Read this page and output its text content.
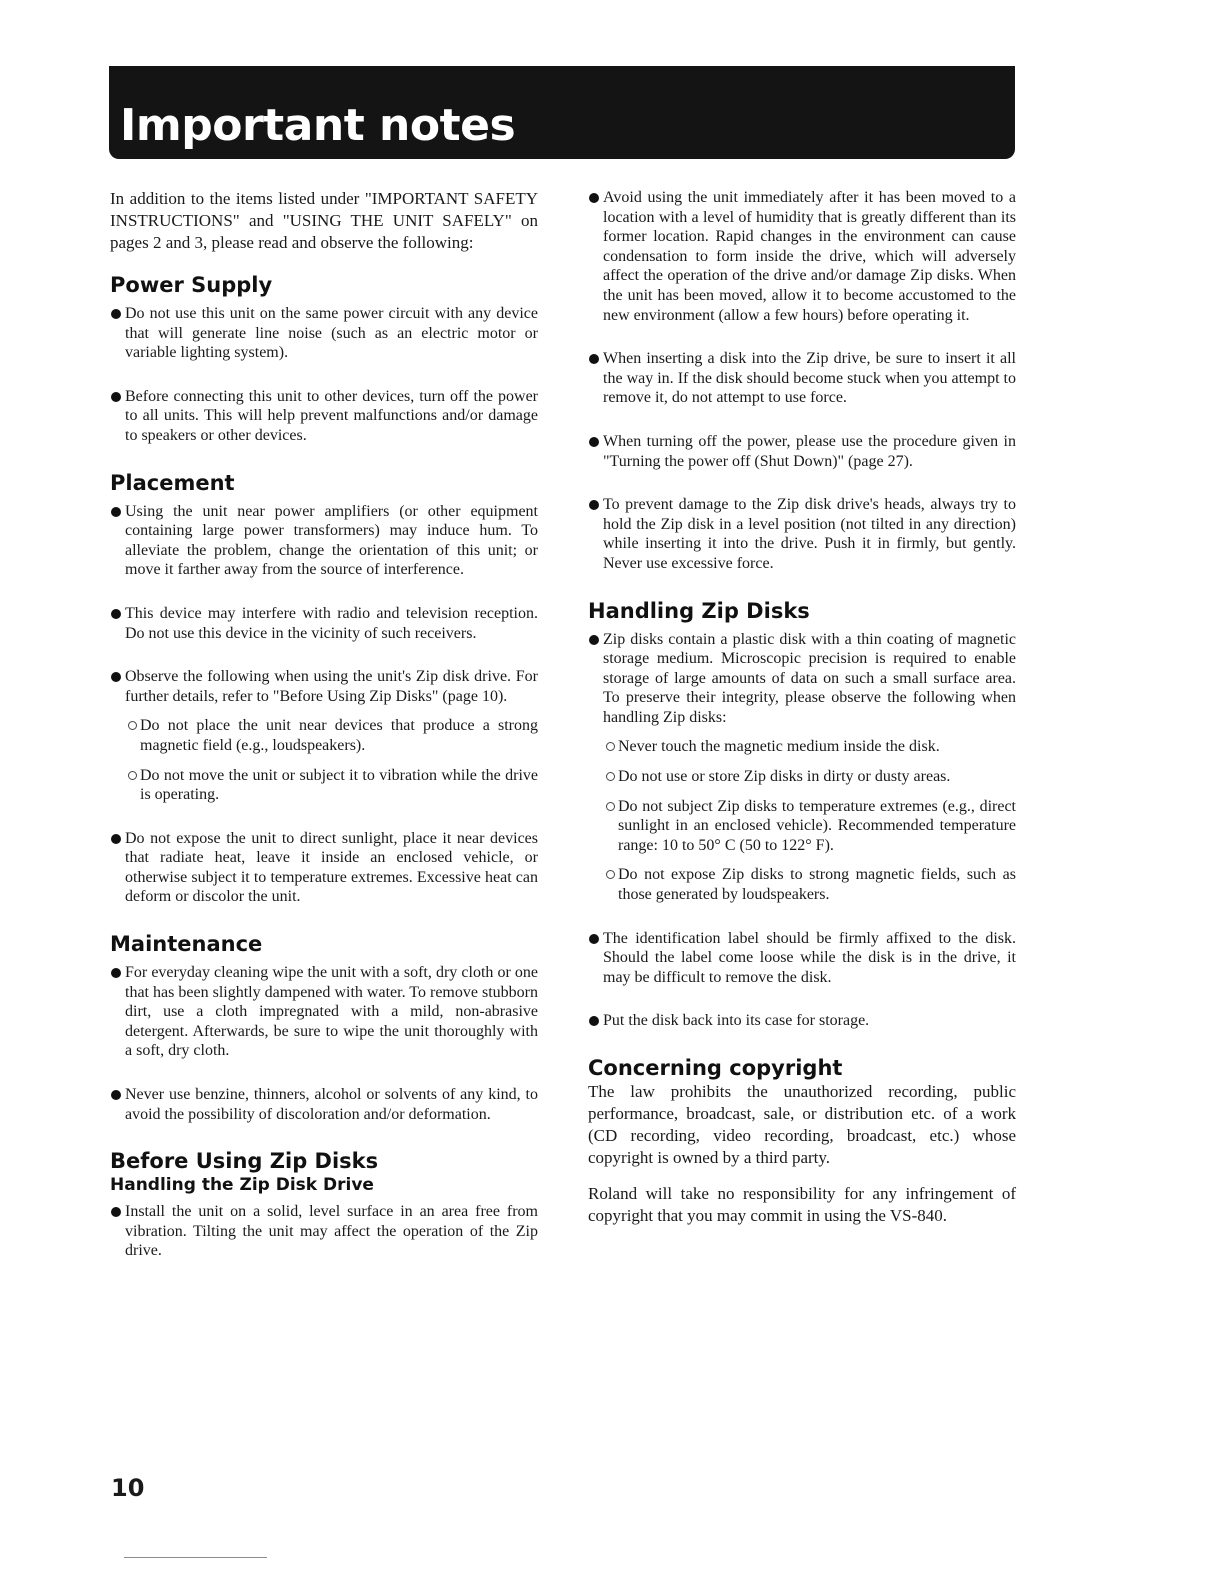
Important notes

In addition to the items listed under "IMPORTANT SAFETY INSTRUCTIONS" and "USING THE UNIT SAFELY" on pages 2 and 3, please read and observe the following:

Power Supply

Do not use this unit on the same power circuit with any device that will generate line noise (such as an electric motor or variable lighting system).

Before connecting this unit to other devices, turn off the power to all units. This will help prevent malfunctions and/or damage to speakers or other devices.

Placement

Using the unit near power amplifiers (or other equipment containing large power transformers) may induce hum. To alleviate the problem, change the orientation of this unit; or move it farther away from the source of interference.

This device may interfere with radio and television reception. Do not use this device in the vicinity of such receivers.

Observe the following when using the unit's Zip disk drive. For further details, refer to "Before Using Zip Disks" (page 10).

Do not place the unit near devices that produce a strong magnetic field (e.g., loudspeakers).

Do not move the unit or subject it to vibration while the drive is operating.

Do not expose the unit to direct sunlight, place it near devices that radiate heat, leave it inside an enclosed vehicle, or otherwise subject it to temperature extremes. Excessive heat can deform or discolor the unit.

Maintenance

For everyday cleaning wipe the unit with a soft, dry cloth or one that has been slightly dampened with water. To remove stubborn dirt, use a cloth impregnated with a mild, non-abrasive detergent. Afterwards, be sure to wipe the unit thoroughly with a soft, dry cloth.

Never use benzine, thinners, alcohol or solvents of any kind, to avoid the possibility of discoloration and/or deformation.

Before Using Zip Disks
Handling the Zip Disk Drive

Install the unit on a solid, level surface in an area free from vibration. Tilting the unit may affect the operation of the Zip drive.

Avoid using the unit immediately after it has been moved to a location with a level of humidity that is greatly different than its former location. Rapid changes in the environment can cause condensation to form inside the drive, which will adversely affect the operation of the drive and/or damage Zip disks. When the unit has been moved, allow it to become accustomed to the new environment (allow a few hours) before operating it.

When inserting a disk into the Zip drive, be sure to insert it all the way in. If the disk should become stuck when you attempt to remove it, do not attempt to use force.

When turning off the power, please use the procedure given in "Turning the power off (Shut Down)" (page 27).

To prevent damage to the Zip disk drive's heads, always try to hold the Zip disk in a level position (not tilted in any direction) while inserting it into the drive. Push it in firmly, but gently. Never use excessive force.

Handling Zip Disks

Zip disks contain a plastic disk with a thin coating of magnetic storage medium. Microscopic precision is required to enable storage of large amounts of data on such a small surface area. To preserve their integrity, please observe the following when handling Zip disks:

Never touch the magnetic medium inside the disk.

Do not use or store Zip disks in dirty or dusty areas.

Do not subject Zip disks to temperature extremes (e.g., direct sunlight in an enclosed vehicle). Recommended temperature range: 10 to 50° C (50 to 122° F).

Do not expose Zip disks to strong magnetic fields, such as those generated by loudspeakers.

The identification label should be firmly affixed to the disk. Should the label come loose while the disk is in the drive, it may be difficult to remove the disk.

Put the disk back into its case for storage.

Concerning copyright

The law prohibits the unauthorized recording, public performance, broadcast, sale, or distribution etc. of a work (CD recording, video recording, broadcast, etc.) whose copyright is owned by a third party.

Roland will take no responsibility for any infringement of copyright that you may commit in using the VS-840.

10
